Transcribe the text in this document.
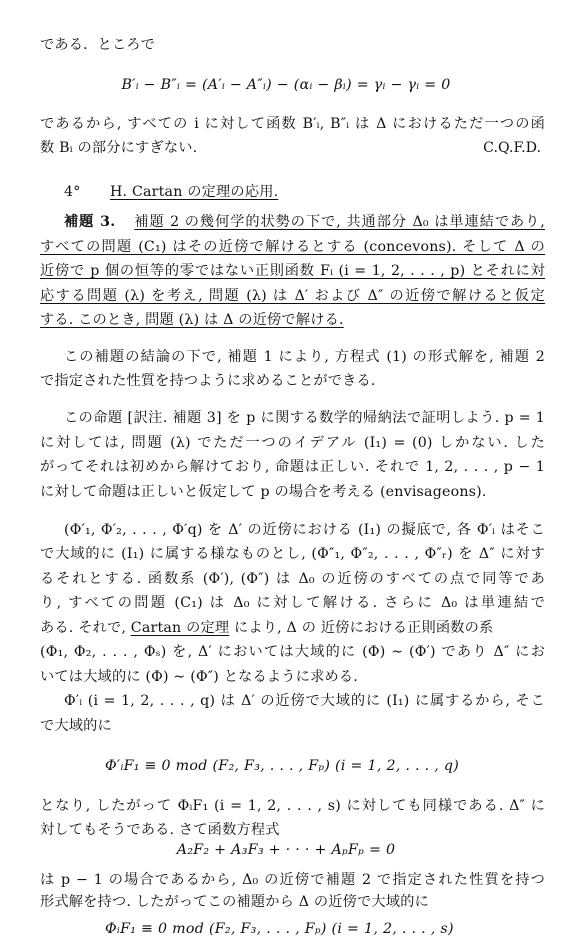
である．ところで
B′ᵢ − B″ᵢ = (A′ᵢ − A″ᵢ) − (αᵢ − βᵢ) = γᵢ − γᵢ = 0
であるから, すべての i に対して函数 B′ᵢ, B″ᵢ は Δ におけるただ一つの函
数 Bᵢ の部分にすぎない.	C.Q.F.D.
4° H. Cartan の定理の応用.
補題 3. 補題 2 の幾何学的状勢の下で, 共通部分 Δ₀ は単連結であり,
すべての問題 (C₁) はその近傍で解けるとする (concevons). そして Δ の
近傍で p 個の恒等的零ではない正則函数 Fᵢ (i = 1, 2, . . . , p) とそれに対
応する問題 (λ) を考え, 問題 (λ) は Δ′ および Δ″ の近傍で解けると仮定
する. このとき, 問題 (λ) は Δ の近傍で解ける.
この補題の結論の下で, 補題 1 により, 方程式 (1) の形式解を, 補題 2
で指定された性質を持つように求めることができる.
この命題 [訳注. 補題 3] を p に関する数学的帰納法で証明しよう. p = 1
に対しては, 問題 (λ) でただ一つのイデアル (I₁) = (0) しかない. した
がってそれは初めから解けており, 命題は正しい. それで 1, 2, . . . , p − 1
に対して命題は正しいと仮定して p の場合を考える (envisageons).
(Φ′₁, Φ′₂, . . . , Φ′q) を Δ′ の近傍における (I₁) の擬底で, 各 Φ′ᵢ はそこ
で大域的に (I₁) に属する様なものとし, (Φ″₁, Φ″₂, . . . , Φ″ᵣ) を Δ″ に対す
るそれとする. 函数系 (Φ′), (Φ″) は Δ₀ の近傍のすべての点で同等であ
り, すべての問題 (C₁) は Δ₀ に対して解ける. さらに Δ₀ は単連結で
ある. それで, Cartan の定理 により, Δ の 近傍における正則函数の系
(Φ₁, Φ₂, . . . , Φₛ) を, Δ′ においては大域的に (Φ) ∼ (Φ′) であり Δ″ にお
いては大域的に (Φ) ∼ (Φ″) となるように求める.
Φ′ᵢ (i = 1, 2, . . . , q) は Δ′ の近傍で大域的に (I₁) に属するから, そこ
で大域的に
Φ′ᵢF₁ ≡ 0 mod (F₂, F₃, . . . , Fₚ) (i = 1, 2, . . . , q)
となり, したがって ΦᵢF₁ (i = 1, 2, . . . , s) に対しても同様である. Δ″ に
対してもそうである. さて函数方程式
A₂F₂ + A₃F₃ + · · · + AₚFₚ = 0
は p − 1 の場合であるから, Δ₀ の近傍で補題 2 で指定された性質を持つ
形式解を持つ. したがってこの補題から Δ の近傍で大域的に
ΦᵢF₁ ≡ 0 mod (F₂, F₃, . . . , Fₚ) (i = 1, 2, . . . , s)
